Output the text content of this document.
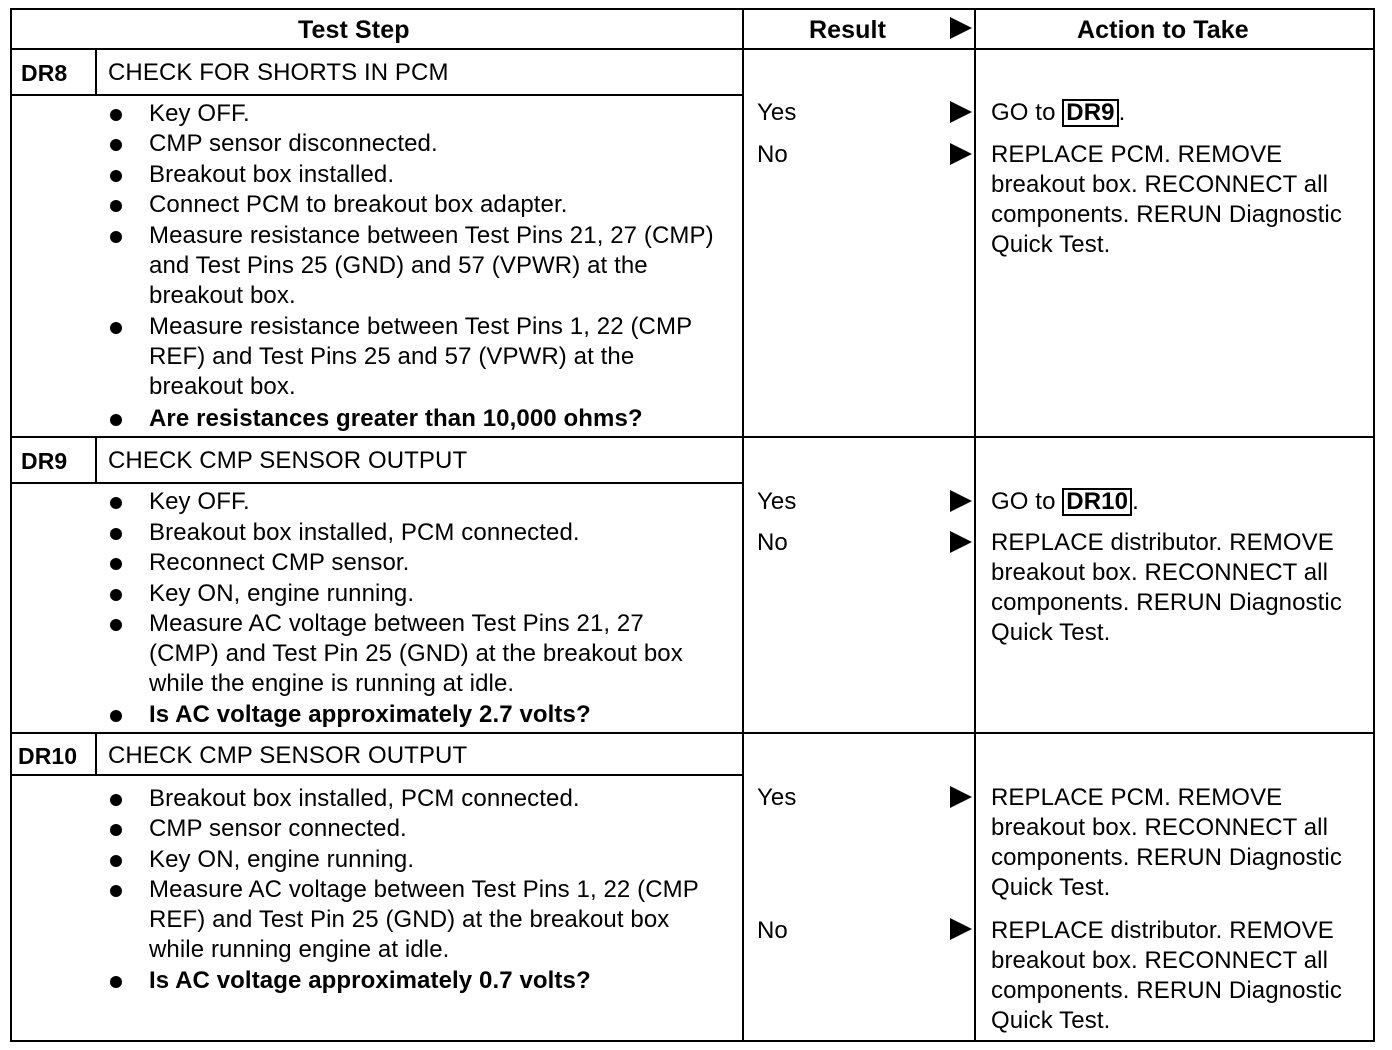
Test Step	Result	Action to Take
DR8 CHECK FOR SHORTS IN PCM
Key OFF.
CMP sensor disconnected.
Breakout box installed.
Connect PCM to breakout box adapter.
Measure resistance between Test Pins 21, 27 (CMP) and Test Pins 25 (GND) and 57 (VPWR) at the breakout box.
Measure resistance between Test Pins 1, 22 (CMP REF) and Test Pins 25 and 57 (VPWR) at the breakout box.
Are resistances greater than 10,000 ohms?
Yes	GO to DR9 .
No	REPLACE PCM. REMOVE breakout box. RECONNECT all components. RERUN Diagnostic Quick Test.
DR9 CHECK CMP SENSOR OUTPUT
Key OFF.
Breakout box installed, PCM connected.
Reconnect CMP sensor.
Key ON, engine running.
Measure AC voltage between Test Pins 21, 27 (CMP) and Test Pin 25 (GND) at the breakout box while the engine is running at idle.
Is AC voltage approximately 2.7 volts?
Yes	GO to DR10 .
No	REPLACE distributor. REMOVE breakout box. RECONNECT all components. RERUN Diagnostic Quick Test.
DR10 CHECK CMP SENSOR OUTPUT
Breakout box installed, PCM connected.
CMP sensor connected.
Key ON, engine running.
Measure AC voltage between Test Pins 1, 22 (CMP REF) and Test Pin 25 (GND) at the breakout box while running engine at idle.
Is AC voltage approximately 0.7 volts?
Yes	REPLACE PCM. REMOVE breakout box. RECONNECT all components. RERUN Diagnostic Quick Test.
No	REPLACE distributor. REMOVE breakout box. RECONNECT all components. RERUN Diagnostic Quick Test.
